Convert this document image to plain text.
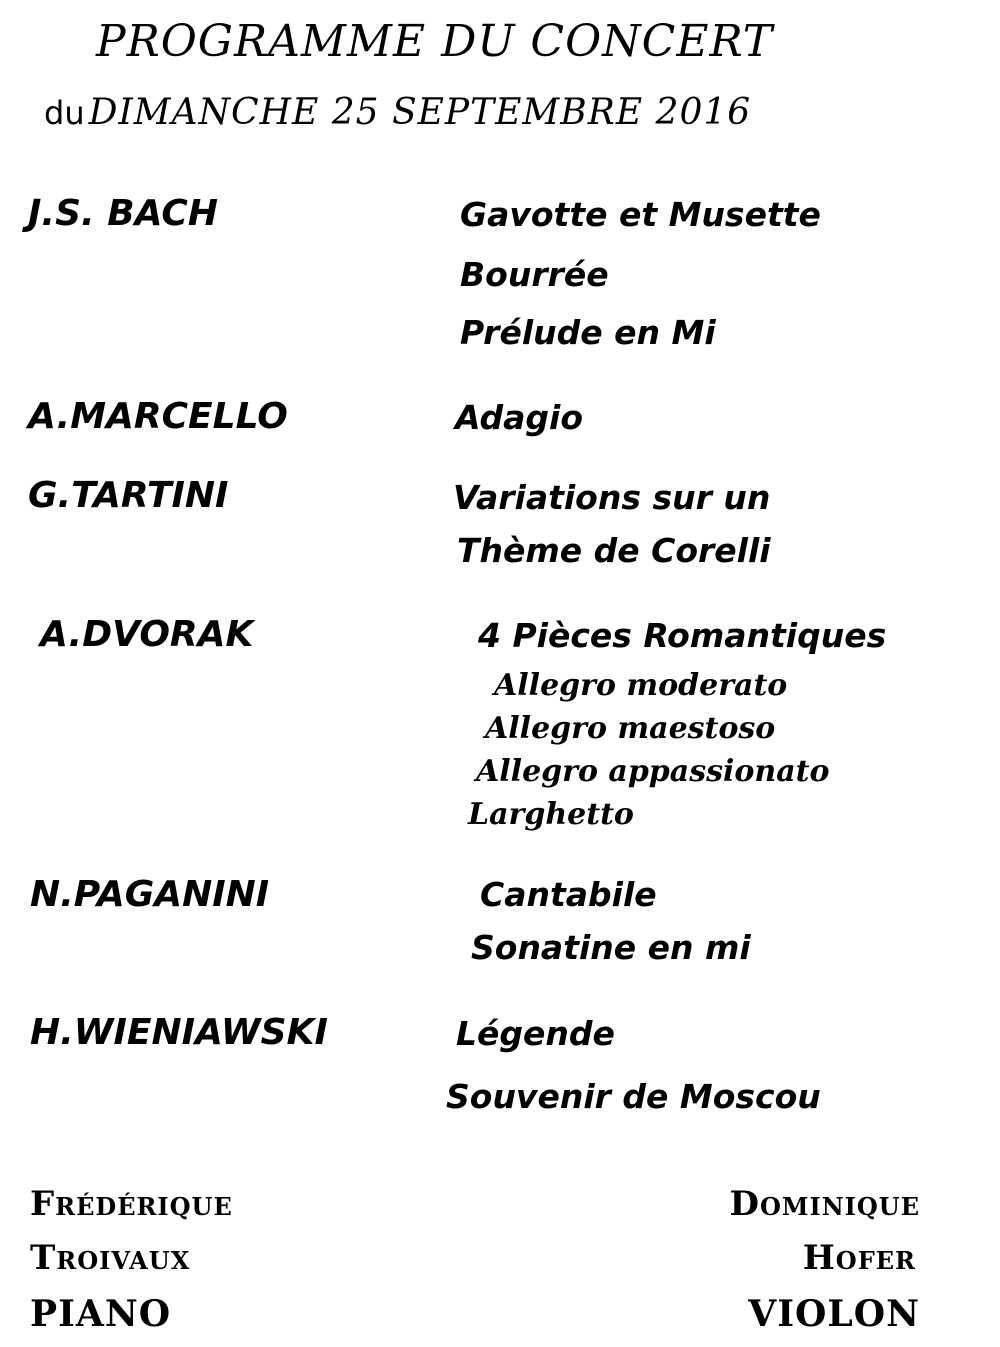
PROGRAMME DU CONCERT
du DIMANCHE 25 SEPTEMBRE 2016
J.S. BACH	Gavotte et Musette
Bourrée
Prélude en Mi
A.MARCELLO	Adagio
G.TARTINI	Variations sur un
Thème de Corelli
A.DVORAK	4 Pièces Romantiques
Allegro moderato
Allegro maestoso
Allegro appassionato
Larghetto
N.PAGANINI	Cantabile
Sonatine en mi
H.WIENIAWSKI	Légende
Souvenir de Moscou
Frédérique
Troivaux
PIANO
Dominique
Hofer
VIOLON
